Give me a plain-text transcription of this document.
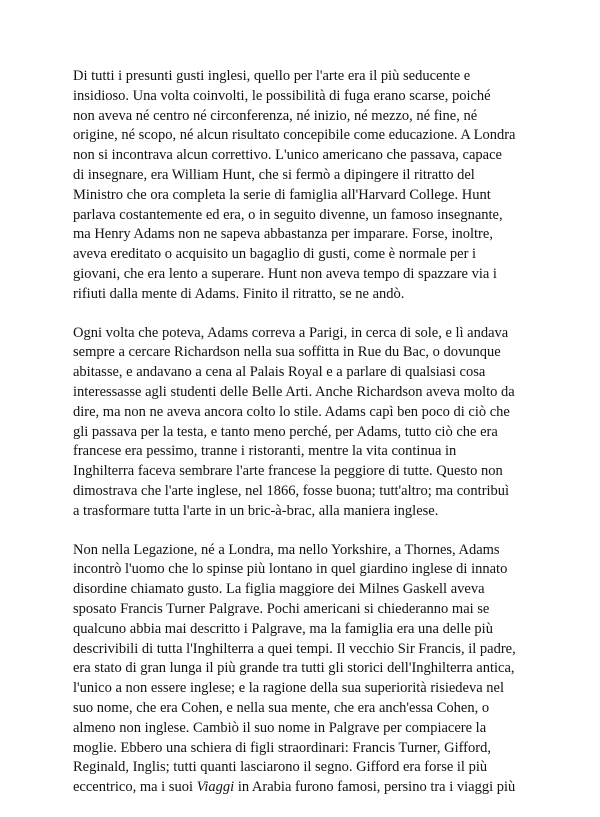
Di tutti i presunti gusti inglesi, quello per l'arte era il più seducente e
insidioso. Una volta coinvolti, le possibilità di fuga erano scarse, poiché
non aveva né centro né circonferenza, né inizio, né mezzo, né fine, né
origine, né scopo, né alcun risultato concepibile come educazione. A Londra
non si incontrava alcun correttivo. L'unico americano che passava, capace
di insegnare, era William Hunt, che si fermò a dipingere il ritratto del
Ministro che ora completa la serie di famiglia all'Harvard College. Hunt
parlava costantemente ed era, o in seguito divenne, un famoso insegnante,
ma Henry Adams non ne sapeva abbastanza per imparare. Forse, inoltre,
aveva ereditato o acquisito un bagaglio di gusti, come è normale per i
giovani, che era lento a superare. Hunt non aveva tempo di spazzare via i
rifiuti dalla mente di Adams. Finito il ritratto, se ne andò.

Ogni volta che poteva, Adams correva a Parigi, in cerca di sole, e lì andava
sempre a cercare Richardson nella sua soffitta in Rue du Bac, o dovunque
abitasse, e andavano a cena al Palais Royal e a parlare di qualsiasi cosa
interessasse agli studenti delle Belle Arti. Anche Richardson aveva molto da
dire, ma non ne aveva ancora colto lo stile. Adams capì ben poco di ciò che
gli passava per la testa, e tanto meno perché, per Adams, tutto ciò che era
francese era pessimo, tranne i ristoranti, mentre la vita continua in
Inghilterra faceva sembrare l'arte francese la peggiore di tutte. Questo non
dimostrava che l'arte inglese, nel 1866, fosse buona; tutt'altro; ma contribuì
a trasformare tutta l'arte in un bric-à-brac, alla maniera inglese.

Non nella Legazione, né a Londra, ma nello Yorkshire, a Thornes, Adams
incontrò l'uomo che lo spinse più lontano in quel giardino inglese di innato
disordine chiamato gusto. La figlia maggiore dei Milnes Gaskell aveva
sposato Francis Turner Palgrave. Pochi americani si chiederanno mai se
qualcuno abbia mai descritto i Palgrave, ma la famiglia era una delle più
descrivibili di tutta l'Inghilterra a quei tempi. Il vecchio Sir Francis, il padre,
era stato di gran lunga il più grande tra tutti gli storici dell'Inghilterra antica,
l'unico a non essere inglese; e la ragione della sua superiorità risiedeva nel
suo nome, che era Cohen, e nella sua mente, che era anch'essa Cohen, o
almeno non inglese. Cambiò il suo nome in Palgrave per compiacere la
moglie. Ebbero una schiera di figli straordinari: Francis Turner, Gifford,
Reginald, Inglis; tutti quanti lasciarono il segno. Gifford era forse il più
eccentrico, ma i suoi Viaggi in Arabia furono famosi, persino tra i viaggi più
